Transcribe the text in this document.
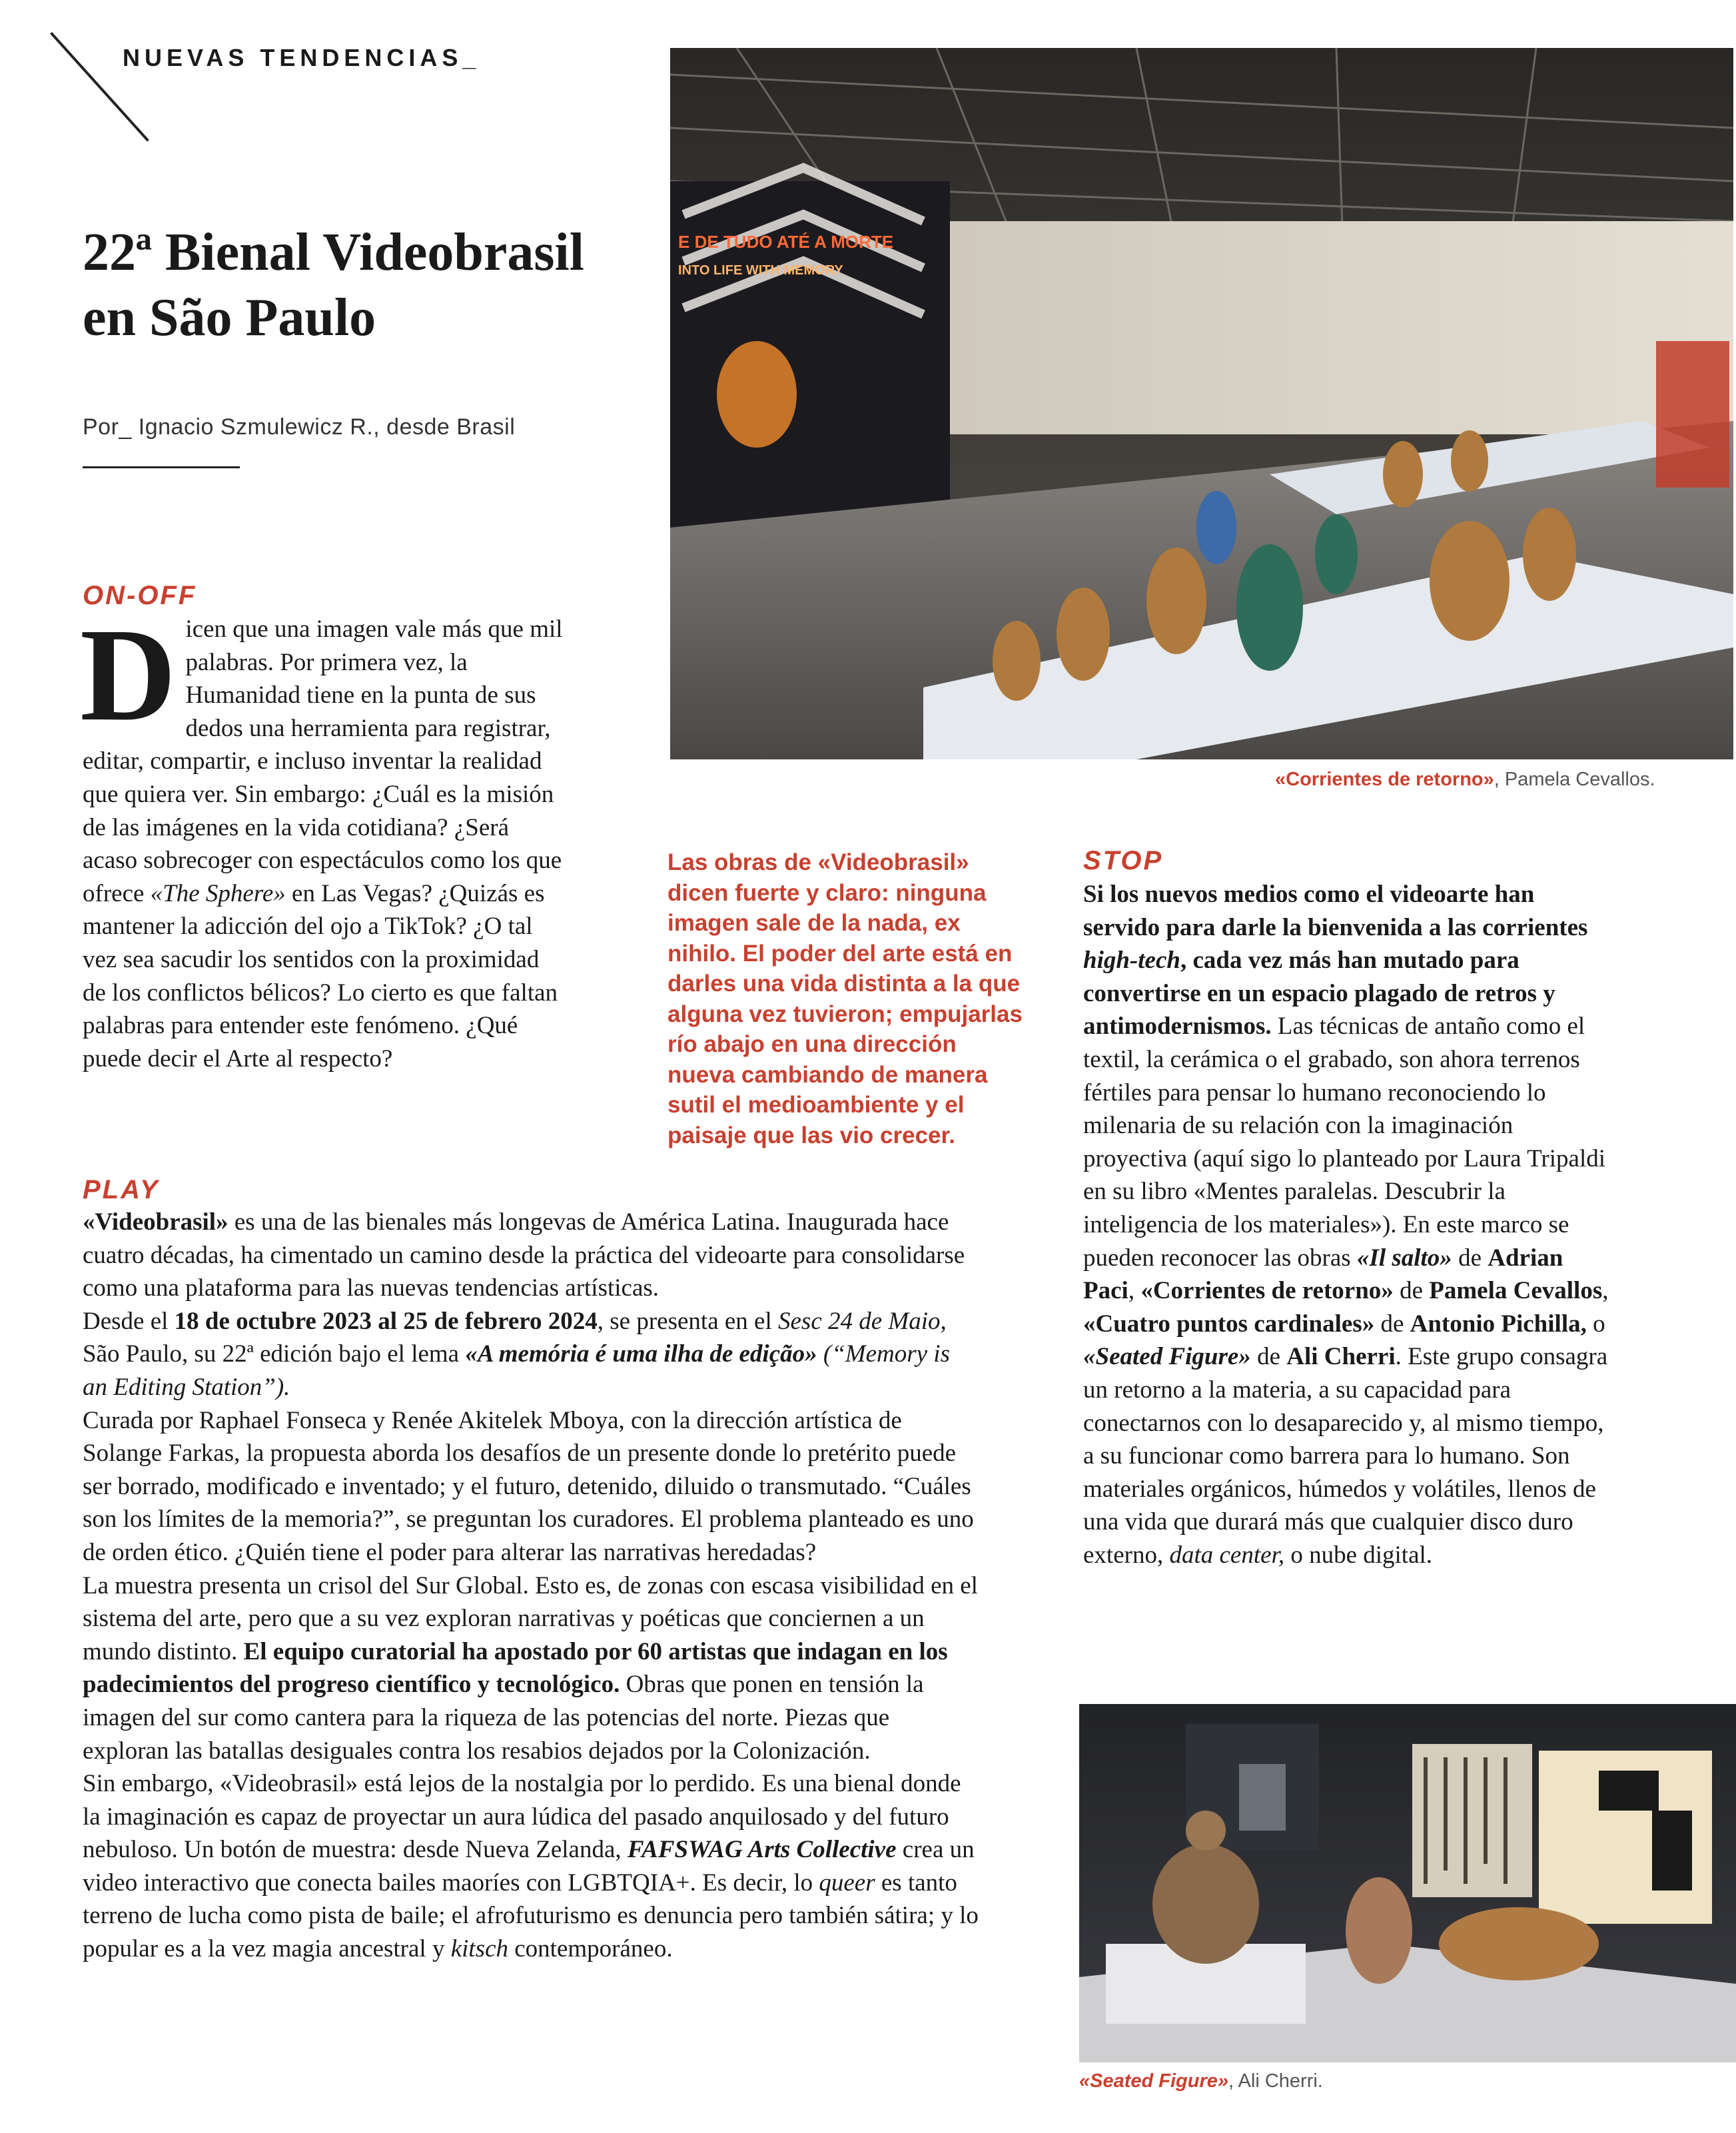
NUEVAS TENDENCIAS_
22ª Bienal Videobrasil
en São Paulo
Por_ Ignacio Szmulewicz R., desde Brasil
E DE TUDO ATÉ A MORTE
INTO LIFE WITH MEMORY
«Corrientes de retorno», Pamela Cevallos.
ON-OFF
Dicen que una imagen vale más que mil palabras. Por primera vez, la Humanidad tiene en la punta de sus dedos una herramienta para registrar, editar, compartir, e incluso inventar la realidad que quiera ver. Sin embargo: ¿Cuál es la misión de las imágenes en la vida cotidiana? ¿Será acaso sobrecoger con espectáculos como los que ofrece «The Sphere» en Las Vegas? ¿Quizás es mantener la adicción del ojo a TikTok? ¿O tal vez sea sacudir los sentidos con la proximidad de los conflictos bélicos? Lo cierto es que faltan palabras para entender este fenómeno. ¿Qué puede decir el Arte al respecto?
Las obras de «Videobrasil» dicen fuerte y claro: ninguna imagen sale de la nada, ex nihilo. El poder del arte está en darles una vida distinta a la que alguna vez tuvieron; empujarlas río abajo en una dirección nueva cambiando de manera sutil el medioambiente y el paisaje que las vio crecer.
STOP
Si los nuevos medios como el videoarte han servido para darle la bienvenida a las corrientes high-tech, cada vez más han mutado para convertirse en un espacio plagado de retros y antimodernismos. Las técnicas de antaño como el textil, la cerámica o el grabado, son ahora terrenos fértiles para pensar lo humano reconociendo lo milenaria de su relación con la imaginación proyectiva (aquí sigo lo planteado por Laura Tripaldi en su libro «Mentes paralelas. Descubrir la inteligencia de los materiales»). En este marco se pueden reconocer las obras «Il salto» de Adrian Paci, «Corrientes de retorno» de Pamela Cevallos, «Cuatro puntos cardinales» de Antonio Pichilla, o «Seated Figure» de Ali Cherri. Este grupo consagra un retorno a la materia, a su capacidad para conectarnos con lo desaparecido y, al mismo tiempo, a su funcionar como barrera para lo humano. Son materiales orgánicos, húmedos y volátiles, llenos de una vida que durará más que cualquier disco duro externo, data center, o nube digital.
PLAY

«Videobrasil» es una de las bienales más longevas de América Latina. Inaugurada hace cuatro décadas, ha cimentado un camino desde la práctica del videoarte para consolidarse como una plataforma para las nuevas tendencias artísticas.

Desde el 18 de octubre 2023 al 25 de febrero 2024, se presenta en el Sesc 24 de Maio, São Paulo, su 22ª edición bajo el lema «A memória é uma ilha de edição» (“Memory is an Editing Station”).

Curada por Raphael Fonseca y Renée Akitelek Mboya, con la dirección artística de Solange Farkas, la propuesta aborda los desafíos de un presente donde lo pretérito puede ser borrado, modificado e inventado; y el futuro, detenido, diluido o transmutado. “Cuáles son los límites de la memoria?”, se preguntan los curadores. El problema planteado es uno de orden ético. ¿Quién tiene el poder para alterar las narrativas heredadas?

La muestra presenta un crisol del Sur Global. Esto es, de zonas con escasa visibilidad en el sistema del arte, pero que a su vez exploran narrativas y poéticas que conciernen a un mundo distinto. El equipo curatorial ha apostado por 60 artistas que indagan en los padecimientos del progreso científico y tecnológico. Obras que ponen en tensión la imagen del sur como cantera para la riqueza de las potencias del norte. Piezas que exploran las batallas desiguales contra los resabios dejados por la Colonización.

Sin embargo, «Videobrasil» está lejos de la nostalgia por lo perdido. Es una bienal donde la imaginación es capaz de proyectar un aura lúdica del pasado anquilosado y del futuro nebuloso. Un botón de muestra: desde Nueva Zelanda, FAFSWAG Arts Collective crea un video interactivo que conecta bailes maoríes con LGBTQIA+. Es decir, lo queer es tanto terreno de lucha como pista de baile; el afrofuturismo es denuncia pero también sátira; y lo popular es a la vez magia ancestral y kitsch contemporáneo.

«Seated Figure», Ali Cherri.
